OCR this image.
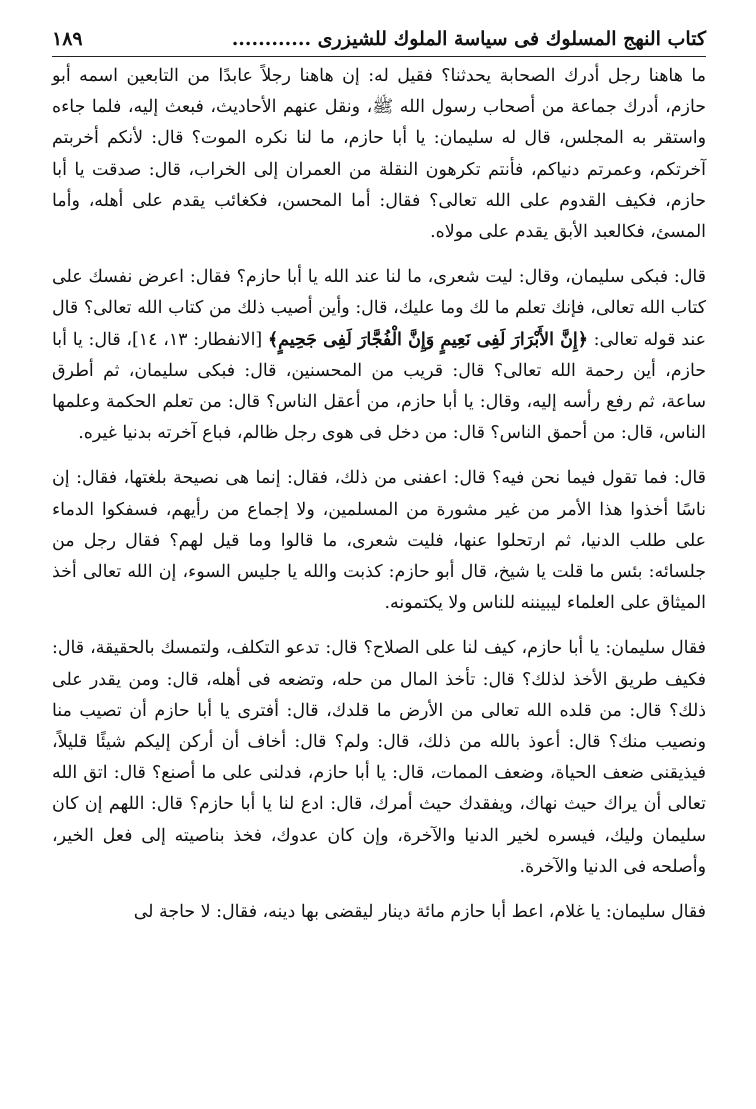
كتاب النهج المسلوك فى سياسة الملوك للشيزرى ............
١٨٩

ما هاهنا رجل أدرك الصحابة يحدثنا؟ فقيل له: إن هاهنا رجلاً عابدًا من التابعين اسمه أبو حازم، أدرك جماعة من أصحاب رسول الله ﷺ، ونقل عنهم الأحاديث، فبعث إليه، فلما جاءه واستقر به المجلس، قال له سليمان: يا أبا حازم، ما لنا نكره الموت؟ قال: لأنكم أخربتم آخرتكم، وعمرتم دنياكم، فأنتم تكرهون النقلة من العمران إلى الخراب، قال: صدقت يا أبا حازم، فكيف القدوم على الله تعالى؟ فقال: أما المحسن، فكغائب يقدم على أهله، وأما المسئ، فكالعبد الأبق يقدم على مولاه.

قال: فبكى سليمان، وقال: ليت شعرى، ما لنا عند الله يا أبا حازم؟ فقال: اعرض نفسك على كتاب الله تعالى، فإنك تعلم ما لك وما عليك، قال: وأين أصيب ذلك من كتاب الله تعالى؟ قال عند قوله تعالى: ﴿إِنَّ الأَبْرَارَ لَفِى نَعِيمٍ وَإِنَّ الْفُجَّارَ لَفِى جَحِيمٍ﴾ [الانفطار: ١٣، ١٤]، قال: يا أبا حازم، أين رحمة الله تعالى؟ قال: قريب من المحسنين، قال: فبكى سليمان، ثم أطرق ساعة، ثم رفع رأسه إليه، وقال: يا أبا حازم، من أعقل الناس؟ قال: من تعلم الحكمة وعلمها الناس، قال: من أحمق الناس؟ قال: من دخل فى هوى رجل ظالم، فباع آخرته بدنيا غيره.

قال: فما تقول فيما نحن فيه؟ قال: اعفنى من ذلك، فقال: إنما هى نصيحة بلغتها، فقال: إن ناسًا أخذوا هذا الأمر من غير مشورة من المسلمين، ولا إجماع من رأيهم، فسفكوا الدماء على طلب الدنيا، ثم ارتحلوا عنها، فليت شعرى، ما قالوا وما قيل لهم؟ فقال رجل من جلسائه: بئس ما قلت يا شيخ، قال أبو حازم: كذبت والله يا جليس السوء، إن الله تعالى أخذ الميثاق على العلماء ليبيننه للناس ولا يكتمونه.

فقال سليمان: يا أبا حازم، كيف لنا على الصلاح؟ قال: تدعو التكلف، ولتمسك بالحقيقة، قال: فكيف طريق الأخذ لذلك؟ قال: تأخذ المال من حله، وتضعه فى أهله، قال: ومن يقدر على ذلك؟ قال: من قلده الله تعالى من الأرض ما قلدك، قال: أفترى يا أبا حازم أن تصيب منا ونصيب منك؟ قال: أعوذ بالله من ذلك، قال: ولم؟ قال: أخاف أن أركن إليكم شيئًا قليلاً، فيذيقنى ضعف الحياة، وضعف الممات، قال: يا أبا حازم، فدلنى على ما أصنع؟ قال: اتق الله تعالى أن يراك حيث نهاك، ويفقدك حيث أمرك، قال: ادع لنا يا أبا حازم؟ قال: اللهم إن كان سليمان وليك، فيسره لخير الدنيا والآخرة، وإن كان عدوك، فخذ بناصيته إلى فعل الخير، وأصلحه فى الدنيا والآخرة.

فقال سليمان: يا غلام، اعط أبا حازم مائة دينار ليقضى بها دينه، فقال: لا حاجة لى
